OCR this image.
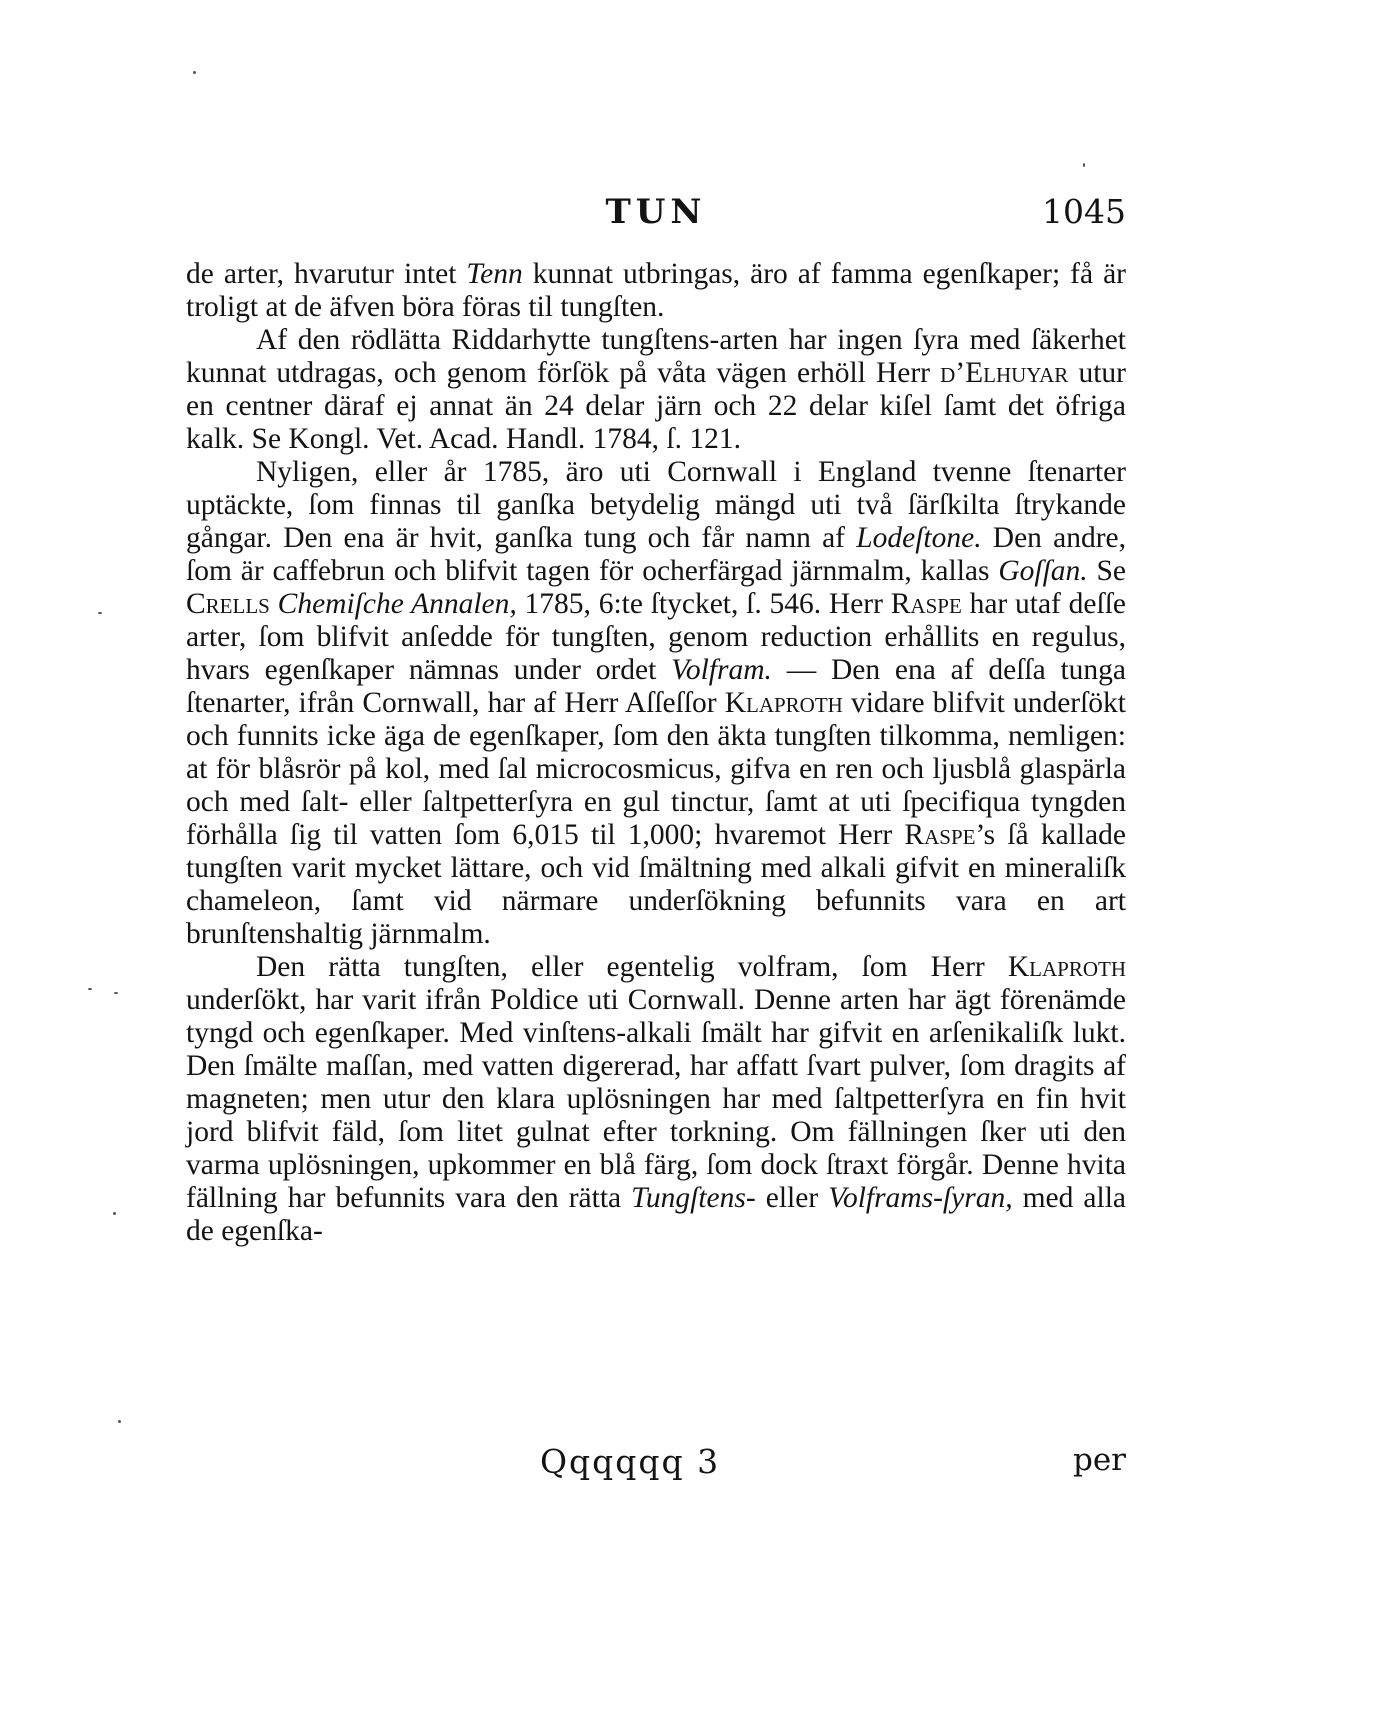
TUN	1045

de arter, hvarutur intet Tenn kunnat utbringas, äro af famma egenſkaper; få är troligt at de äfven böra föras til tungſten.

Af den rödlätta Riddarhytte tungſtens-arten har ingen ſyra med ſäkerhet kunnat utdragas, och genom förſök på våta vägen erhöll Herr d’Elhuyar utur en centner däraf ej annat än 24 delar järn och 22 delar kiſel ſamt det öfriga kalk. Se Kongl. Vet. Acad. Handl. 1784, ſ. 121.

Nyligen, eller år 1785, äro uti Cornwall i England tvenne ſtenarter uptäckte, ſom finnas til ganſka betydelig mängd uti två ſärſkilta ſtrykande gångar. Den ena är hvit, ganſka tung och får namn af Lodeſtone. Den andre, ſom är caffebrun och blifvit tagen för ocherfärgad järnmalm, kallas Goſſan. Se Crells Chemiſche Annalen, 1785, 6:te ſtycket, ſ. 546. Herr Raspe har utaf deſſe arter, ſom blifvit anſedde för tungſten, genom reduction erhållits en regulus, hvars egenſkaper nämnas under ordet Volfram. — Den ena af deſſa tunga ſtenarter, ifrån Cornwall, har af Herr Aſſeſſor Klaproth vidare blifvit underſökt och funnits icke äga de egenſkaper, ſom den äkta tungſten tilkomma, nemligen: at för blåsrör på kol, med ſal microcosmicus, gifva en ren och ljusblå glaspärla och med ſalt- eller ſaltpetterſyra en gul tinctur, ſamt at uti ſpecifiqua tyngden förhålla ſig til vatten ſom 6,015 til 1,000; hvaremot Herr Raspe’s ſå kallade tungſten varit mycket lättare, och vid ſmältning med alkali gifvit en mineraliſk chameleon, ſamt vid närmare underſökning befunnits vara en art brunſtenshaltig järnmalm.

Den rätta tungſten, eller egentelig volfram, ſom Herr Klaproth underſökt, har varit ifrån Poldice uti Cornwall. Denne arten har ägt förenämde tyngd och egenſkaper. Med vinſtens-alkali ſmält har gifvit en arſenikaliſk lukt. Den ſmälte maſſan, med vatten digererad, har affatt ſvart pulver, ſom dragits af magneten; men utur den klara uplösningen har med ſaltpetterſyra en fin hvit jord blifvit fäld, ſom litet gulnat efter torkning. Om fällningen ſker uti den varma uplösningen, upkommer en blå färg, ſom dock ſtraxt förgår. Denne hvita fällning har befunnits vara den rätta Tungſtens- eller Volframs-ſyran, med alla de egenſka-

Qqqqqq 3	per
